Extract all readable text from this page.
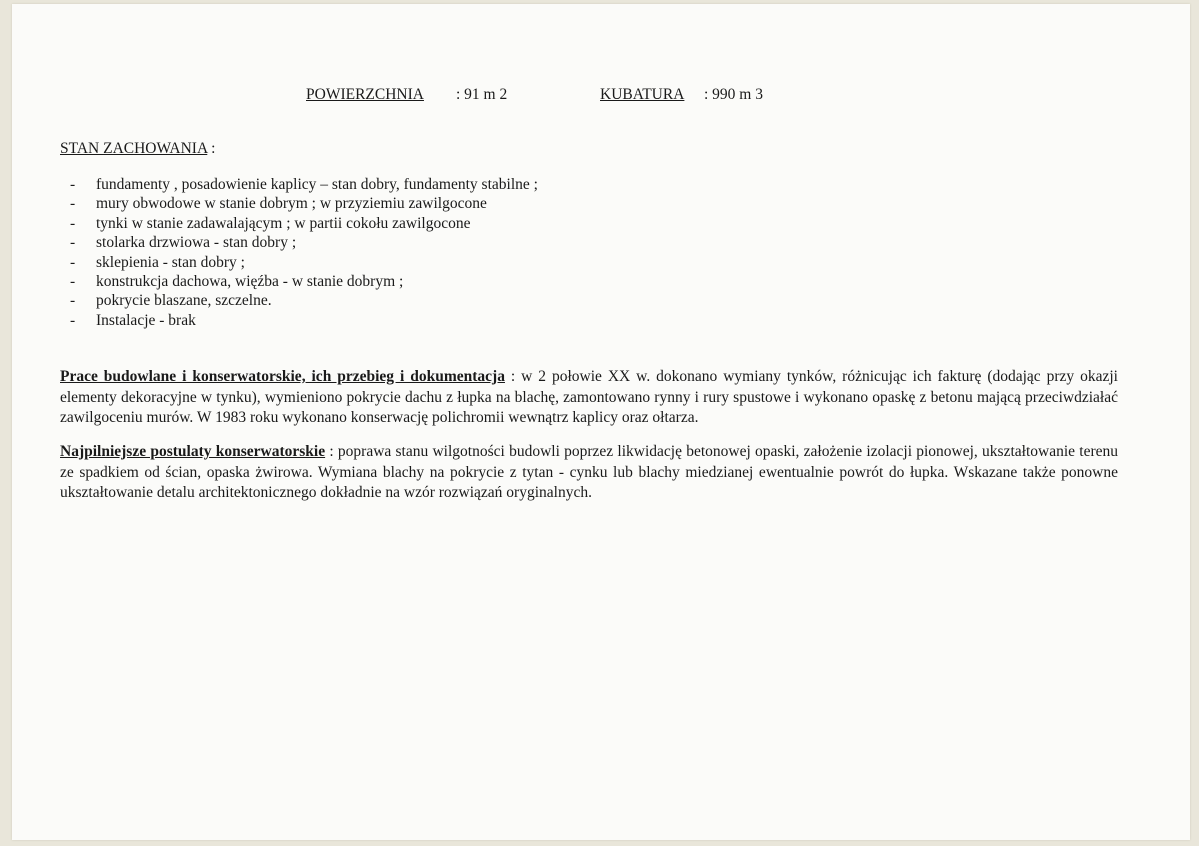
POWIERZCHNIA : 91 m 2	KUBATURA : 990 m 3
STAN ZACHOWANIA :
- fundamenty , posadowienie kaplicy – stan dobry, fundamenty stabilne ;
- mury obwodowe w stanie dobrym ; w przyziemiu zawilgocone
- tynki w stanie zadawalającym ; w partii cokołu zawilgocone
- stolarka drzwiowa - stan dobry ;
- sklepienia - stan dobry ;
- konstrukcja dachowa, więźba - w stanie dobrym ;
- pokrycie blaszane, szczelne.
- Instalacje - brak
Prace budowlane i konserwatorskie, ich przebieg i dokumentacja : w 2 połowie XX w. dokonano wymiany tynków, różnicując ich fakturę (dodając przy okazji elementy dekoracyjne w tynku), wymieniono pokrycie dachu z łupka na blachę, zamontowano rynny i rury spustowe i wykonano opaskę z betonu mającą przeciwdziałać zawilgoceniu murów. W 1983 roku wykonano konserwację polichromii wewnątrz kaplicy oraz ołtarza.
Najpilniejsze postulaty konserwatorskie : poprawa stanu wilgotności budowli poprzez likwidację betonowej opaski, założenie izolacji pionowej, ukształtowanie terenu ze spadkiem od ścian, opaska żwirowa. Wymiana blachy na pokrycie z tytan - cynku lub blachy miedzianej ewentualnie powrót do łupka. Wskazane także ponowne ukształtowanie detalu architektonicznego dokładnie na wzór rozwiązań oryginalnych.
